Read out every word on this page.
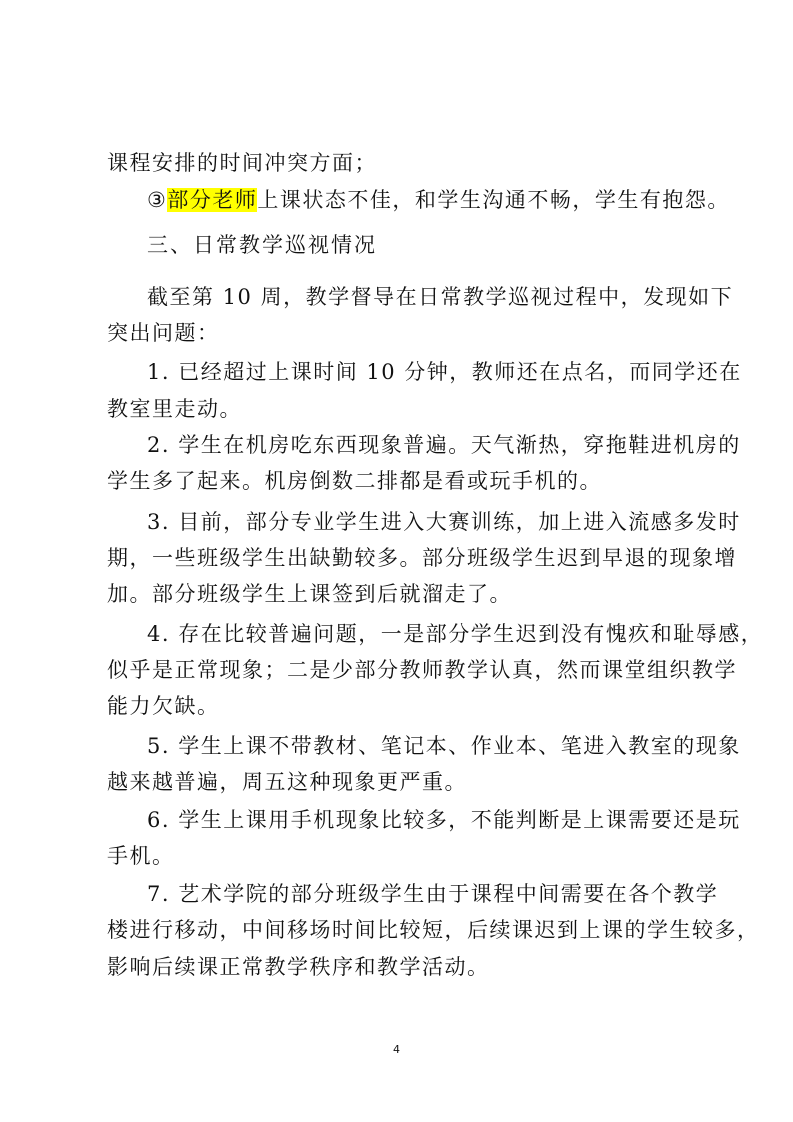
课程安排的时间冲突方面；
③部分老师上课状态不佳，和学生沟通不畅，学生有抱怨。
三、日常教学巡视情况
截至第 10 周，教学督导在日常教学巡视过程中，发现如下
突出问题：
1. 已经超过上课时间 10 分钟，教师还在点名，而同学还在
教室里走动。
2. 学生在机房吃东西现象普遍。天气渐热，穿拖鞋进机房的
学生多了起来。机房倒数二排都是看或玩手机的。
3. 目前，部分专业学生进入大赛训练，加上进入流感多发时
期，一些班级学生出缺勤较多。部分班级学生迟到早退的现象增
加。部分班级学生上课签到后就溜走了。
4. 存在比较普遍问题，一是部分学生迟到没有愧疚和耻辱感，
似乎是正常现象；二是少部分教师教学认真，然而课堂组织教学
能力欠缺。
5. 学生上课不带教材、笔记本、作业本、笔进入教室的现象
越来越普遍，周五这种现象更严重。
6. 学生上课用手机现象比较多，不能判断是上课需要还是玩
手机。
7. 艺术学院的部分班级学生由于课程中间需要在各个教学
楼进行移动，中间移场时间比较短，后续课迟到上课的学生较多，
影响后续课正常教学秩序和教学活动。
4
